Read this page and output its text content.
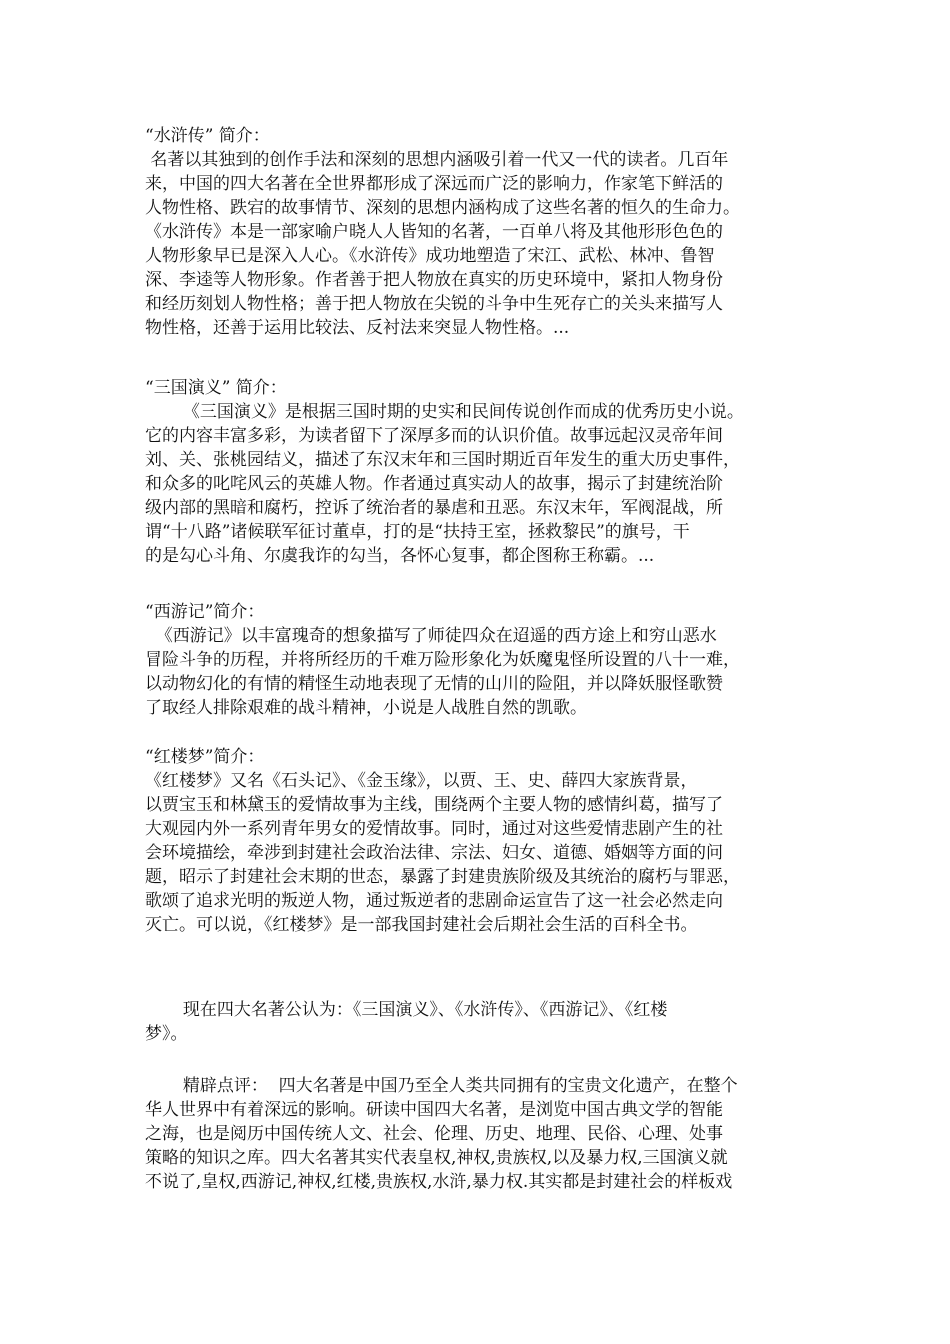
“水浒传” 简介：
名著以其独到的创作手法和深刻的思想内涵吸引着一代又一代的读者。几百年
来，中国的四大名著在全世界都形成了深远而广泛的影响力，作家笔下鲜活的
人物性格、跌宕的故事情节、深刻的思想内涵构成了这些名著的恒久的生命力。
《水浒传》本是一部家喻户晓人人皆知的名著，一百单八将及其他形形色色的
人物形象早已是深入人心。《水浒传》成功地塑造了宋江、武松、林冲、鲁智
深、李逵等人物形象。作者善于把人物放在真实的历史环境中，紧扣人物身份
和经历刻划人物性格；善于把人物放在尖锐的斗争中生死存亡的关头来描写人
物性格，还善于运用比较法、反衬法来突显人物性格。...
“三国演义” 简介：
《三国演义》是根据三国时期的史实和民间传说创作而成的优秀历史小说。
它的内容丰富多彩，为读者留下了深厚多而的认识价值。故事远起汉灵帝年间
刘、关、张桃园结义，描述了东汉末年和三国时期近百年发生的重大历史事件，
和众多的叱咤风云的英雄人物。作者通过真实动人的故事，揭示了封建统治阶
级内部的黑暗和腐朽，控诉了统治者的暴虐和丑恶。东汉末年，军阀混战，所
谓“十八路”诸候联军征讨董卓，打的是“扶持王室，拯救黎民”的旗号，干
的是勾心斗角、尔虞我诈的勾当，各怀心复事，都企图称王称霸。...
“西游记”简介：
《西游记》以丰富瑰奇的想象描写了师徒四众在迢遥的西方途上和穷山恶水
冒险斗争的历程，并将所经历的千难万险形象化为妖魔鬼怪所设置的八十一难，
以动物幻化的有情的精怪生动地表现了无情的山川的险阻，并以降妖服怪歌赞
了取经人排除艰难的战斗精神，小说是人战胜自然的凯歌。
“红楼梦”简介：
《红楼梦》又名《石头记》、《金玉缘》，以贾、王、史、薛四大家族背景，
以贾宝玉和林黛玉的爱情故事为主线，围绕两个主要人物的感情纠葛，描写了
大观园内外一系列青年男女的爱情故事。同时，通过对这些爱情悲剧产生的社
会环境描绘，牵涉到封建社会政治法律、宗法、妇女、道德、婚姻等方面的问
题，昭示了封建社会末期的世态，暴露了封建贵族阶级及其统治的腐朽与罪恶，
歌颂了追求光明的叛逆人物，通过叛逆者的悲剧命运宣告了这一社会必然走向
灭亡。可以说，《红楼梦》是一部我国封建社会后期社会生活的百科全书。
现在四大名著公认为：《三国演义》、《水浒传》、《西游记》、《红楼
梦》。
精辟点评：  四大名著是中国乃至全人类共同拥有的宝贵文化遗产，在整个
华人世界中有着深远的影响。研读中国四大名著，是浏览中国古典文学的智能
之海，也是阅历中国传统人文、社会、伦理、历史、地理、民俗、心理、处事
策略的知识之库。四大名著其实代表皇权,神权,贵族权,以及暴力权,三国演义就
不说了,皇权,西游记,神权,红楼,贵族权,水浒,暴力权.其实都是封建社会的样板戏
